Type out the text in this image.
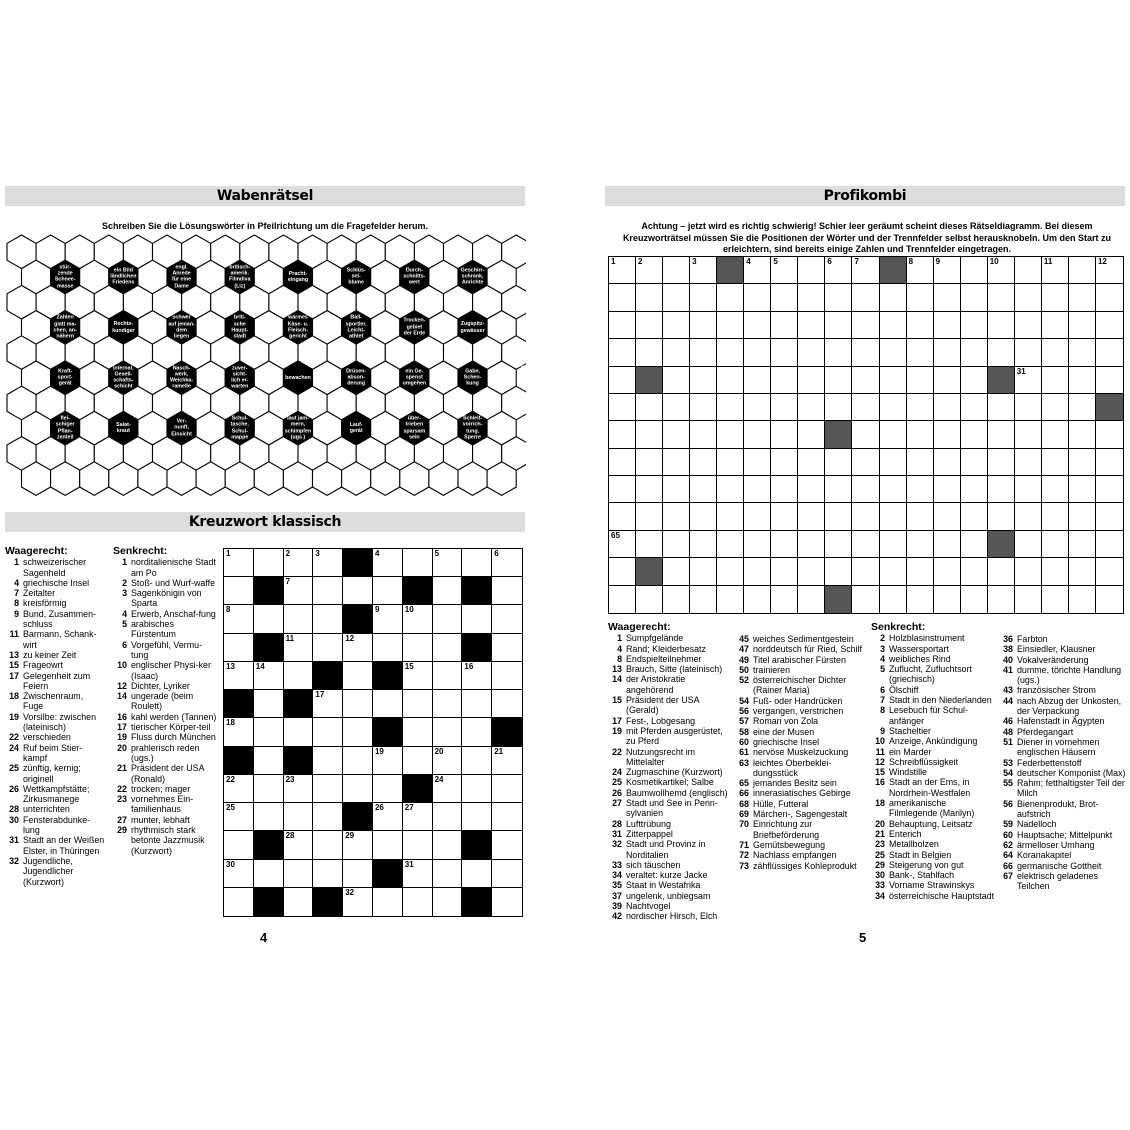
Wabenrätsel
Schreiben Sie die Lösungswörter in Pfeilrichtung um die Fragefelder herum.
stür-
zende
Schnee-
masse
ein Bild
ländlichen
Friedens
engl.
Anrede
für eine
Dame
britisch-
amerik.
Filmdiva
(Liz)
Pracht-
eingang
Schlüs-
sel-
blume
Durch-
schnitts-
wert
Geschirr-
schrank,
Anrichte
Fluss,
Flüsschen
Zahlen
glatt ma-
chen, an-
nähern
Rechts-
kundiger
schwer
auf jeman-
dem
liegen
briti-
sche
Haupt-
stadt
warmes
Käse- u.
Fleisch-
gericht
Ball-
sportler,
Leicht-
athlet
Trocken-
gebiet
der Erde
Zugspitz-
gewässer
Ver-
schluss,
Briefver-
schluss
Kraft-
sport-
gerät
internat.
Gesell-
schafts-
schicht
Nasch-
werk,
Weichka-
ramelle
zuver-
sicht-
lich er-
warten
bewachen
Drüsen-
abson-
derung
ein Ge-
spenst
umgehen
Gabe,
Schen-
kung
Gestalt-
gebung,
Muster
(engl.)
flei-
schiger
Pflan-
zenteil
Salat-
kraut
Ver-
nunft,
Einsicht
Schul-
tasche,
Schul-
mappe
laut jam-
mern,
schimpfen
(ugs.)
Lauf-
gerät
über-
trieben
sparsam
sein
Schleif-
vorrich-
tung,
Sperre
Spross-
sen-
stiege
Kreuzwort klassisch
Waagerecht:
1 schweizerischer Sagenheld
4 griechische Insel
7 Zeitalter
8 kreisförmig
9 Bund, Zusammen-schluss
11 Barmann, Schank-wirt
13 zu keiner Zeit
15 Frageowrt
17 Gelegenheit zum Feiern
18 Zwischenraum, Fuge
19 Vorsilbe: zwischen (lateinisch)
22 verschieden
24 Ruf beim Stier-kampf
25 zünftig, kernig; originell
26 Wettkampfstätte; Zirkusmanege
28 unterrichten
30 Fensterabdunke-lung
31 Stadt an der Weißen Elster, in Thüringen
32 Jugendliche, Jugendlicher (Kurzwort)
Senkrecht:
1 norditalienische Stadt am Po
2 Stoß- und Wurf-waffe
3 Sagenkönigin von Sparta
4 Erwerb, Anschaf-fung
5 arabisches Fürstentum
6 Vorgefühl, Vermu-tung
10 englischer Physi-ker (Isaac)
12 Dichter, Lyriker
14 ungerade (beim Roulett)
16 kahl werden (Tannen)
17 tierischer Körper-teil
19 Fluss durch München
20 prahlerisch reden (ugs.)
21 Präsident der USA (Ronald)
22 trocken; mager
23 vornehmes Ein-familienhaus
27 munter, lebhaft
29 rhythmisch stark betonte Jazzmusik (Kurzwort)
1	2	3	4	5	6
7
8	9	10
11	12
13	14	15	16
17
18
19	20	21
22	23	24
25	26	27
28	29
30	31
32
4
Profikombi
Achtung – jetzt wird es richtig schwierig! Schier leer geräumt scheint dieses Rätseldiagramm. Bei diesem Kreuzworträtsel müssen Sie die Positionen der Wörter und der Trennfelder selbst herausknobeln. Um den Start zu erleichtern, sind bereits einige Zahlen und Trennfelder eingetragen.
1	2	3	4	5	6	7	8	9	10	11	12
31
65
Waagerecht:
1 Sumpfgelände
4 Rand; Kleiderbesatz
8 Endspielteilnehmer
13 Brauch, Sitte (lateinisch)
14 der Aristokratie angehörend
15 Präsident der USA (Gerald)
17 Fest-, Lobgesang
19 mit Pferden ausgerüstet, zu Pferd
22 Nutzungsrecht im Mittelalter
24 Zugmaschine (Kurzwort)
25 Kosmetikartikel; Salbe
26 Baumwollhemd (englisch)
27 Stadt und See in Penn-sylvanien
28 Lufttrübung
31 Zitterpappel
32 Stadt und Provinz in Norditalien
33 sich täuschen
34 veraltet: kurze Jacke
35 Staat in Westafrika
37 ungelenk, unbiegsam
39 Nachtvogel
42 nordischer Hirsch, Elch
45 weiches Sedimentgestein
47 norddeutsch für Ried, Schilf
49 Titel arabischer Fürsten
50 trainieren
52 österreichischer Dichter (Rainer Maria)
54 Fuß- oder Handrücken
56 vergangen, verstrichen
57 Roman von Zola
58 eine der Musen
60 griechische Insel
61 nervöse Muskelzuckung
63 leichtes Oberbeklei-dungsstück
65 jemandes Besitz sein
66 innerasiatisches Gebirge
68 Hülle, Futteral
69 Märchen-, Sagengestalt
70 Einrichtung zur Briefbeförderung
71 Gemütsbewegung
72 Nachlass empfangen
73 zähflüssiges Kohleprodukt
Senkrecht:
2 Holzblasinstrument
3 Wassersportart
4 weibliches Rind
5 Zuflucht, Zufluchtsort (griechisch)
6 Ölschiff
7 Stadt in den Niederlanden
8 Lesebuch für Schul-anfänger
9 Stacheltier
10 Anzeige, Ankündigung
11 ein Marder
12 Schreibflüssigkeit
15 Windstille
16 Stadt an der Ems, in Nordrhein-Westfalen
18 amerikanische Filmlegende (Marilyn)
20 Behauptung, Leitsatz
21 Enterich
23 Metallbolzen
25 Stadt in Belgien
29 Steigerung von gut
30 Bank-, Stahlfach
33 Vorname Strawinskys
34 österreichische Hauptstadt
36 Farbton
38 Einsiedler, Klausner
40 Vokalveränderung
41 dumme, törichte Handlung (ugs.)
43 französischer Strom
44 nach Abzug der Unkosten, der Verpackung
46 Hafenstadt in Ägypten
48 Pferdegangart
51 Diener in vornehmen englischen Häusern
53 Federbettenstoff
54 deutscher Komponist (Max)
55 Rahm; fetthaltigster Teil der Milch
56 Bienenprodukt, Brot-aufstrich
59 Nadelloch
60 Hauptsache; Mittelpunkt
62 ärmelloser Umhang
64 Koranakapitel
66 germanische Gottheit
67 elektrisch geladenes Teilchen
5
